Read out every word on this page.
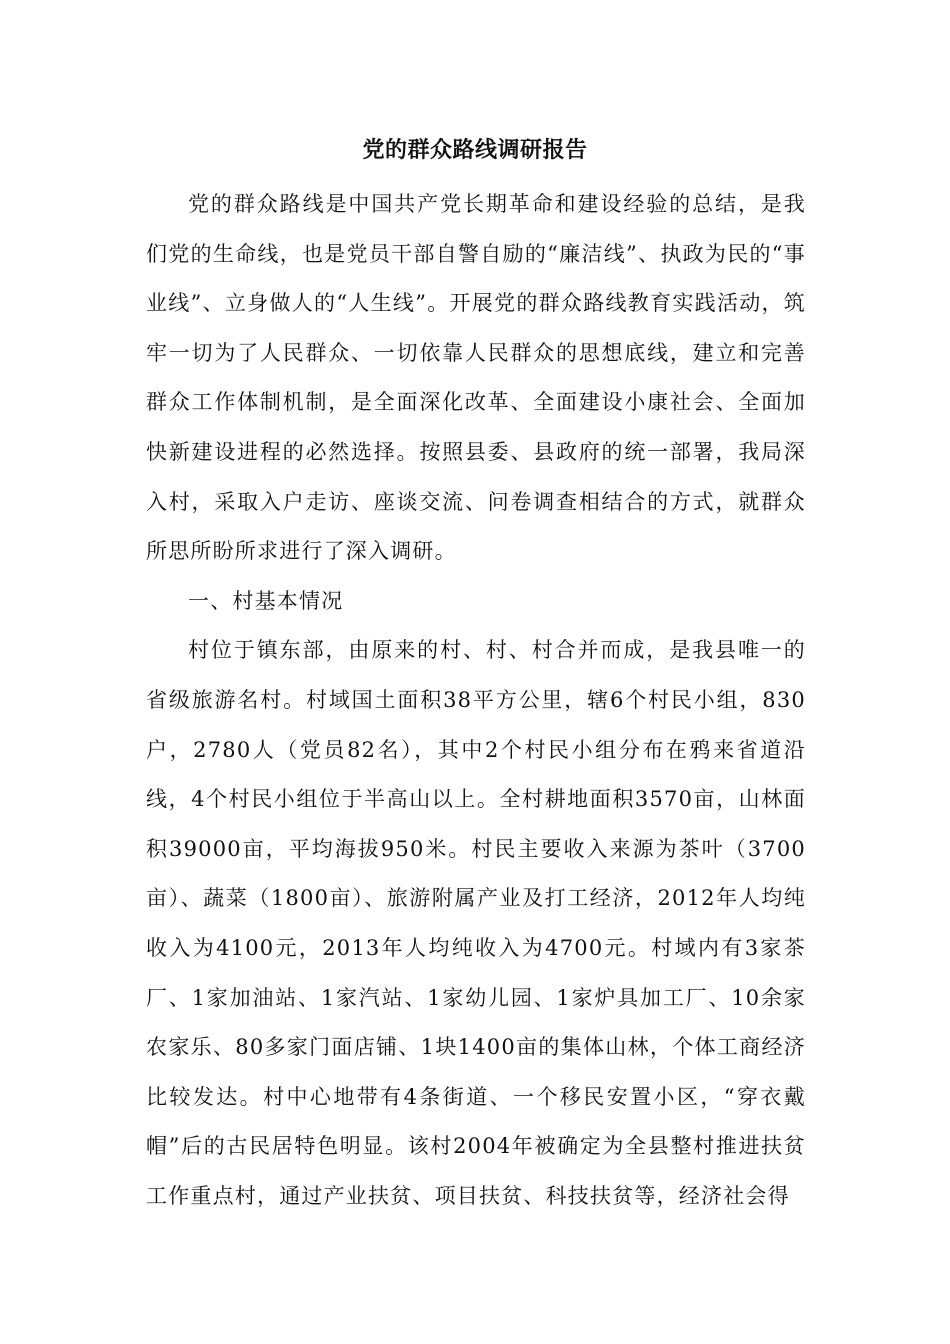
党的群众路线调研报告

党的群众路线是中国共产党长期革命和建设经验的总结，是我们党的生命线，也是党员干部自警自励的“廉洁线”、执政为民的“事业线”、立身做人的“人生线”。开展党的群众路线教育实践活动，筑牢一切为了人民群众、一切依靠人民群众的思想底线，建立和完善群众工作体制机制，是全面深化改革、全面建设小康社会、全面加快新建设进程的必然选择。按照县委、县政府的统一部署，我局深入村，采取入户走访、座谈交流、问卷调查相结合的方式，就群众所思所盼所求进行了深入调研。

一、村基本情况

村位于镇东部，由原来的村、村、村合并而成，是我县唯一的省级旅游名村。村域国土面积38平方公里，辖6个村民小组，830户，2780人（党员82名），其中2个村民小组分布在鸦来省道沿线，4个村民小组位于半高山以上。全村耕地面积3570亩，山林面积39000亩，平均海拔950米。村民主要收入来源为茶叶（3700亩）、蔬菜（1800亩）、旅游附属产业及打工经济，2012年人均纯收入为4100元，2013年人均纯收入为4700元。村域内有3家茶厂、1家加油站、1家汽站、1家幼儿园、1家炉具加工厂、10余家农家乐、80多家门面店铺、1块1400亩的集体山林，个体工商经济比较发达。村中心地带有4条街道、一个移民安置小区，“穿衣戴帽”后的古民居特色明显。该村2004年被确定为全县整村推进扶贫工作重点村，通过产业扶贫、项目扶贫、科技扶贫等，经济社会得
